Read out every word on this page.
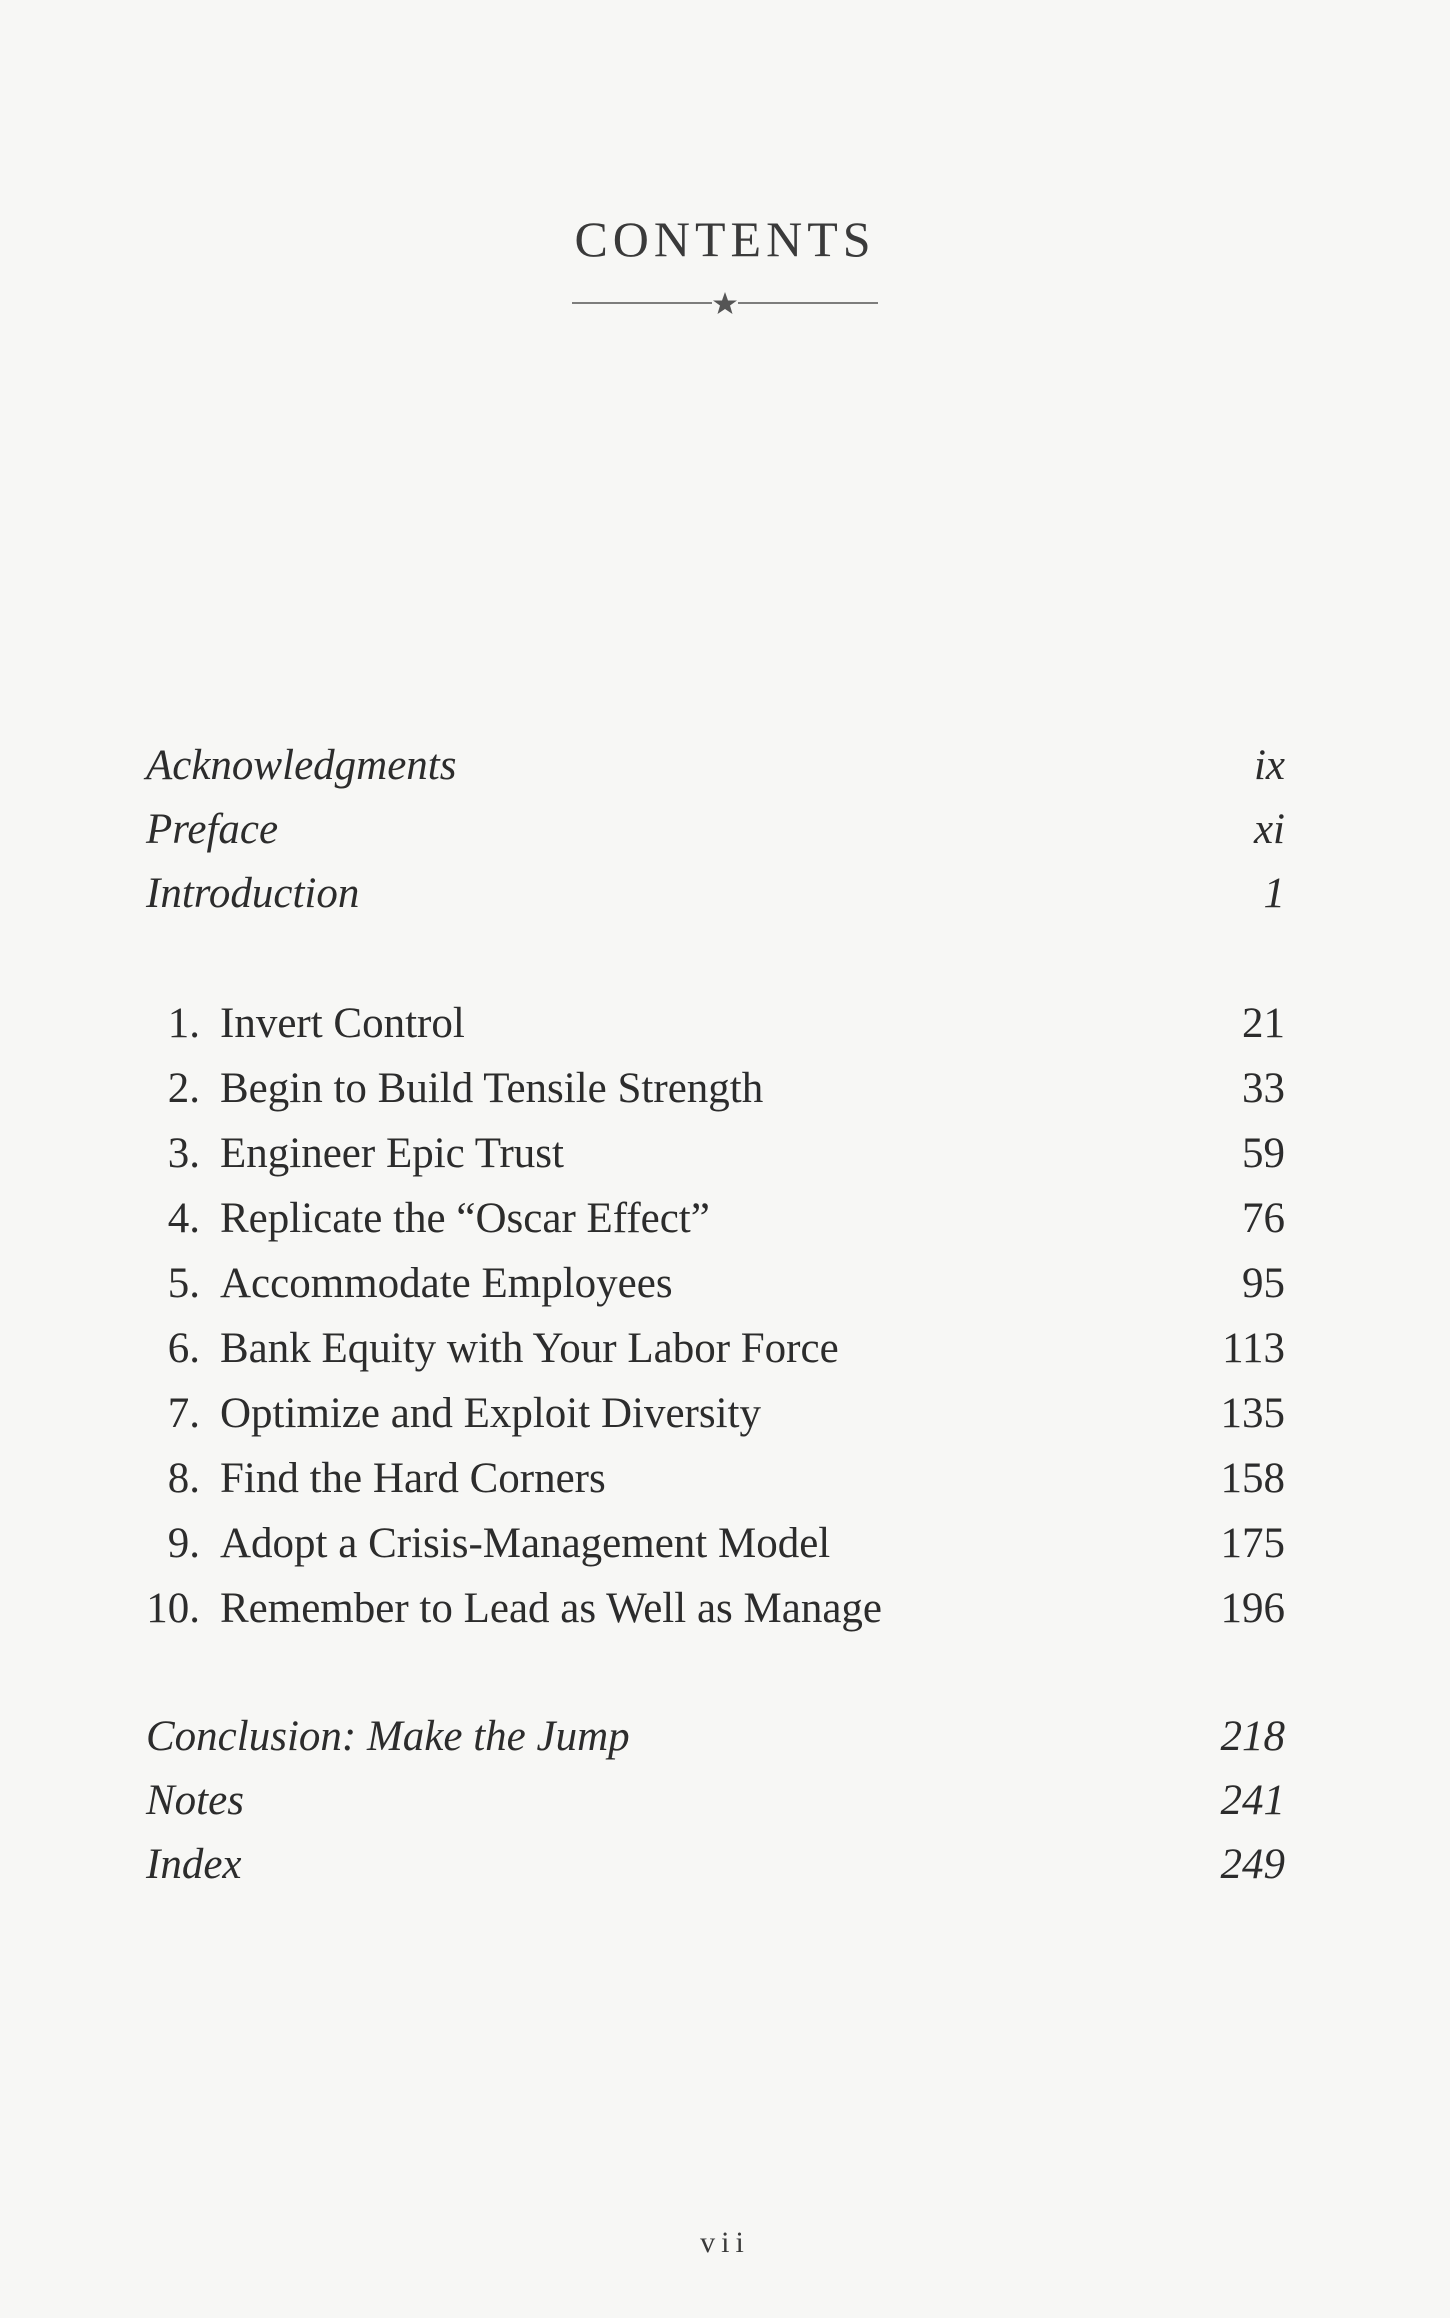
CONTENTS
Acknowledgments	ix
Preface	xi
Introduction	1
1. Invert Control	21
2. Begin to Build Tensile Strength	33
3. Engineer Epic Trust	59
4. Replicate the “Oscar Effect”	76
5. Accommodate Employees	95
6. Bank Equity with Your Labor Force	113
7. Optimize and Exploit Diversity	135
8. Find the Hard Corners	158
9. Adopt a Crisis-Management Model	175
10. Remember to Lead as Well as Manage	196
Conclusion: Make the Jump	218
Notes	241
Index	249
vii
